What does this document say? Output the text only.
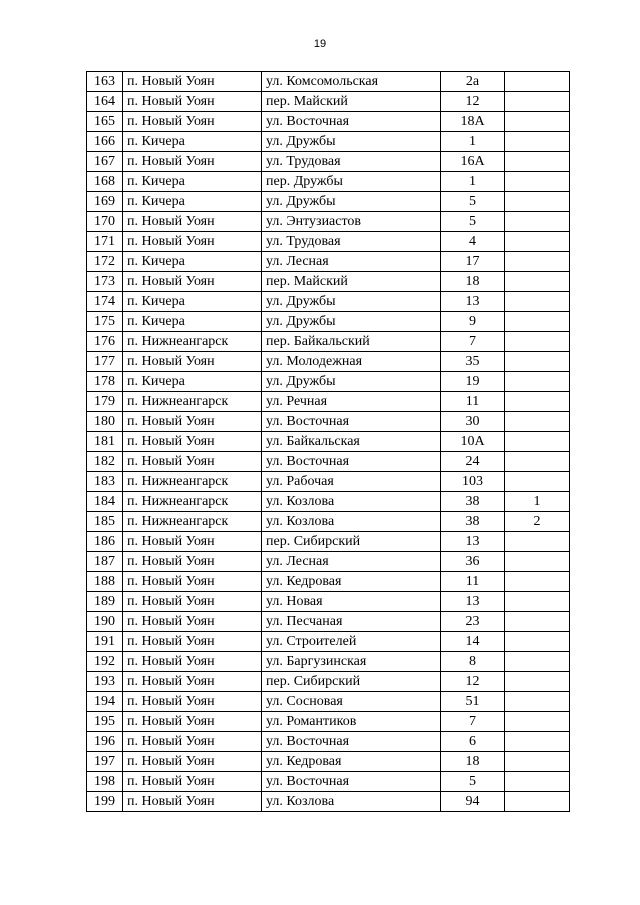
19
163	п. Новый Уоян	ул. Комсомольская	2а	
164	п. Новый Уоян	пер. Майский	12	
165	п. Новый Уоян	ул. Восточная	18А	
166	п. Кичера	ул. Дружбы	1	
167	п. Новый Уоян	ул. Трудовая	16А	
168	п. Кичера	пер. Дружбы	1	
169	п. Кичера	ул. Дружбы	5	
170	п. Новый Уоян	ул. Энтузиастов	5	
171	п. Новый Уоян	ул. Трудовая	4	
172	п. Кичера	ул. Лесная	17	
173	п. Новый Уоян	пер. Майский	18	
174	п. Кичера	ул. Дружбы	13	
175	п. Кичера	ул. Дружбы	9	
176	п. Нижнеангарск	пер. Байкальский	7	
177	п. Новый Уоян	ул. Молодежная	35	
178	п. Кичера	ул. Дружбы	19	
179	п. Нижнеангарск	ул. Речная	11	
180	п. Новый Уоян	ул. Восточная	30	
181	п. Новый Уоян	ул. Байкальская	10А	
182	п. Новый Уоян	ул. Восточная	24	
183	п. Нижнеангарск	ул. Рабочая	103	
184	п. Нижнеангарск	ул. Козлова	38	1
185	п. Нижнеангарск	ул. Козлова	38	2
186	п. Новый Уоян	пер. Сибирский	13	
187	п. Новый Уоян	ул. Лесная	36	
188	п. Новый Уоян	ул. Кедровая	11	
189	п. Новый Уоян	ул. Новая	13	
190	п. Новый Уоян	ул. Песчаная	23	
191	п. Новый Уоян	ул. Строителей	14	
192	п. Новый Уоян	ул. Баргузинская	8	
193	п. Новый Уоян	пер. Сибирский	12	
194	п. Новый Уоян	ул. Сосновая	51	
195	п. Новый Уоян	ул. Романтиков	7	
196	п. Новый Уоян	ул. Восточная	6	
197	п. Новый Уоян	ул. Кедровая	18	
198	п. Новый Уоян	ул. Восточная	5	
199	п. Новый Уоян	ул. Козлова	94	
